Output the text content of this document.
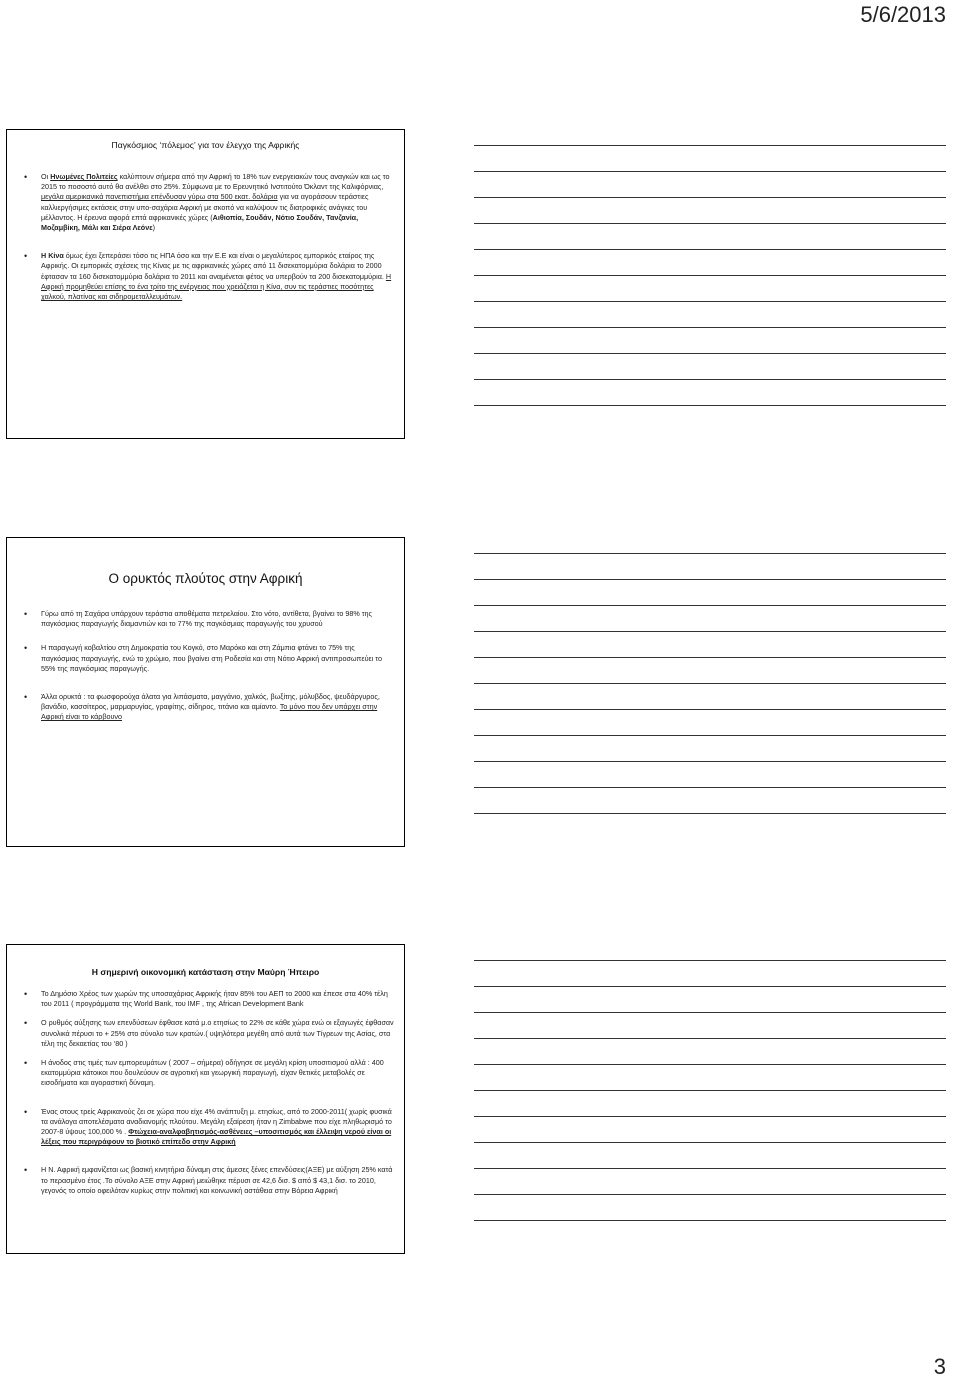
5/6/2013
Παγκόσμιος ‘πόλεμος’ για τον έλεγχο της Αφρικής
• Οι Ηνωμένες Πολιτείες καλύπτουν σήμερα από την Αφρική το 18% των ενεργειακών τους αναγκών και ως το 2015 το ποσοστό αυτό θα ανέλθει στο 25%. Σύμφωνα με το Ερευνητικό Ινστιτούτο Όκλαντ της Καλιφόρνιας, μεγάλα αμερικανικά πανεπιστήμια επένδυσαν γύρω στα 500 εκατ. δολάρια για να αγοράσουν τεράστιες καλλιεργήσιμες εκτάσεις στην υπο-σαχάρια Αφρική με σκοπό να καλύψουν τις διατροφικές ανάγκες του μέλλοντος. Η έρευνα αφορά επτά αφρικανικές χώρες (Αιθιοπία, Σουδάν, Νότιο Σουδάν, Τανζανία, Μοζαμβίκη, Μάλι και Σιέρα Λεόνε)
• Η Κίνα όμως έχει ξεπεράσει τόσο τις ΗΠΑ όσο και την Ε.Ε και είναι ο μεγαλύτερος εμπορικός εταίρος της Αφρικής. Οι εμπορικές σχέσεις της Κίνας με τις αφρικανικές χώρες από 11 δισεκατομμύρια δολάρια το 2000 έφτασαν τα 160 δισεκατομμύρια δολάρια το 2011 και αναμένεται φέτος να υπερβούν τα 200 δισεκατομμύρια. Η Αφρική προμηθεύει επίσης το ένα τρίτο της ενέργειας που χρειάζεται η Κίνα, συν τις τεράστιες ποσότητες χαλκού, πλατίνας και σιδηρομεταλλευμάτων.
Ο ορυκτός πλούτος στην Αφρική
• Γύρω από τη Σαχάρα υπάρχουν τεράστια αποθέματα πετρελαίου. Στο νότο, αντίθετα, βγαίνει το 98% της παγκόσμιας παραγωγής διαμαντιών και το 77% της παγκόσμιας παραγωγής του χρυσού
• Η παραγωγή κοβαλτίου στη Δημοκρατία του Κογκό, στο Μαρόκο και στη Ζάμπια φτάνει το 75% της παγκόσμιας παραγωγής, ενώ το χρώμιο, που βγαίνει στη Ροδεσία και στη Νότιο Αφρική αντιπροσωπεύει το 55% της παγκόσμιας παραγωγής.
• Άλλα ορυκτά : τα φωσφορούχα άλατα για λιπάσματα, μαγγάνιο, χαλκός, βωξίτης, μόλυβδος, ψευδάργυρος, βανάδιο, κασσίτερος, μαρμαρυγίας, γραφίτης, σίδηρος, τιτάνιο και αμίαντο. Το μόνο που δεν υπάρχει στην Αφρική είναι το κάρβουνο
Η σημερινή οικονομική κατάσταση στην Μαύρη Ήπειρο
• Το Δημόσιο Χρέος των χωρών της υποσαχάριας Αφρικής ήταν 85% του ΑΕΠ το 2000 και έπεσε στα 40% τέλη του 2011 ( προγράμματα της World Bank, του IMF , της African Development Bank
• Ο ρυθμός αύξησης των επενδύσεων έφθασε κατά μ.ο ετησίως το 22% σε κάθε χώρα ενώ οι εξαγωγές έφθασαν συνολικά πέρυσι το + 25% στο σύνολο των κρατών.( υψηλότερα μεγέθη από αυτά των Τίγρεων της Ασίας, στα τέλη της δεκαετίας του ‘80 )
• Η άνοδος στις τιμές των εμπορευμάτων ( 2007 – σήμερα) οδήγησε σε μεγάλη κρίση υποσιτισμού αλλά : 400 εκατομμύρια κάτοικοι που δουλεύουν σε αγροτική και γεωργική παραγωγή, είχαν θετικές μεταβολές σε εισοδήματα και αγοραστική δύναμη.
• Ένας στους τρείς Αφρικανούς ζει σε χώρα που είχε 4% ανάπτυξη μ. ετησίως, από το 2000-2011( χωρίς φυσικά τα ανάλογα αποτελέσματα αναδιανομής πλούτου. Μεγάλη εξαίρεση ήταν η Zimbabwe που είχε πληθωρισμό το 2007-8 ύψους 100,000 % . Φτώχεια-αναλφαβητισμός-ασθένειες –υποσιτισμός και έλλειψη νερού είναι οι λέξεις που περιγράφουν το βιοτικό επίπεδο στην Αφρική
• Η Ν. Αφρική εμφανίζεται ως βασική κινητήρια δύναμη στις άμεσες ξένες επενδύσεις(ΑΞΕ) με αύξηση 25% κατά το περασμένο έτος .Το σύνολο ΑΞΕ στην Αφρική μειώθηκε πέρυσι σε 42,6 δισ. $ από $ 43,1 δισ. το 2010, γεγονός το οποίο οφειλόταν κυρίως στην πολιτική και κοινωνική αστάθεια στην Βόρεια Αφρική
3
